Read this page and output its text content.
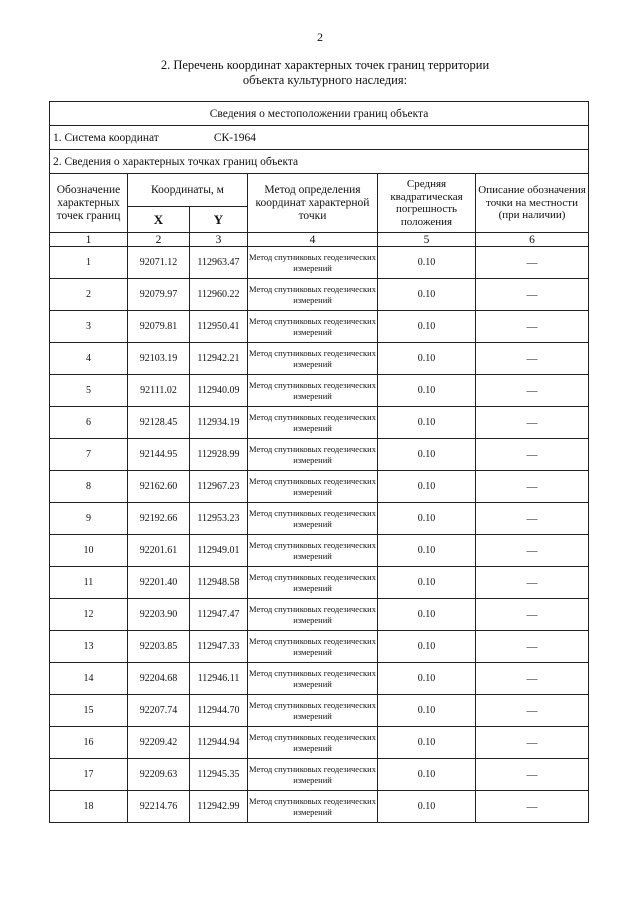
2
2. Перечень координат характерных точек границ территории
объекта культурного наследия:
Сведения о местоположении границ объекта					
1. Система координат СК-1964					
2. Сведения о характерных точках границ объекта					
Обозначение характерных точек границ	Координаты, м		Метод определения координат характерной точки	Средняя квадратическая погрешность положения	Описание обозначения точки на местности (при наличии)
	X	Y			
1	2	3	4	5	6
1	92071.12	112963.47	Метод спутниковых геодезических измерений	0.10	—
2	92079.97	112960.22	Метод спутниковых геодезических измерений	0.10	—
3	92079.81	112950.41	Метод спутниковых геодезических измерений	0.10	—
4	92103.19	112942.21	Метод спутниковых геодезических измерений	0.10	—
5	92111.02	112940.09	Метод спутниковых геодезических измерений	0.10	—
6	92128.45	112934.19	Метод спутниковых геодезических измерений	0.10	—
7	92144.95	112928.99	Метод спутниковых геодезических измерений	0.10	—
8	92162.60	112967.23	Метод спутниковых геодезических измерений	0.10	—
9	92192.66	112953.23	Метод спутниковых геодезических измерений	0.10	—
10	92201.61	112949.01	Метод спутниковых геодезических измерений	0.10	—
11	92201.40	112948.58	Метод спутниковых геодезических измерений	0.10	—
12	92203.90	112947.47	Метод спутниковых геодезических измерений	0.10	—
13	92203.85	112947.33	Метод спутниковых геодезических измерений	0.10	—
14	92204.68	112946.11	Метод спутниковых геодезических измерений	0.10	—
15	92207.74	112944.70	Метод спутниковых геодезических измерений	0.10	—
16	92209.42	112944.94	Метод спутниковых геодезических измерений	0.10	—
17	92209.63	112945.35	Метод спутниковых геодезических измерений	0.10	—
18	92214.76	112942.99	Метод спутниковых геодезических измерений	0.10	—
